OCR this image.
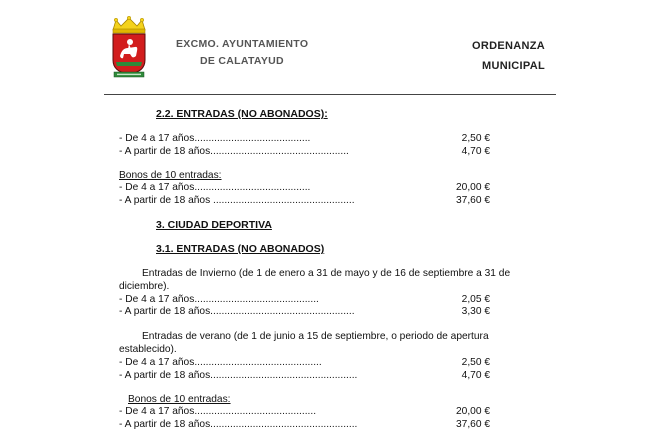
EXCMO. AYUNTAMIENTO
DE CALATAYUD
ORDENANZA
MUNICIPAL
2.2. ENTRADAS (NO ABONADOS):
- De 4 a 17 años.........................................	2,50 €
- A partir de 18 años.................................................	4,70 €
Bonos de 10 entradas:
- De 4 a 17 años.........................................	20,00 €
- A partir de 18 años ..................................................	37,60 €
3. CIUDAD DEPORTIVA
3.1. ENTRADAS (NO ABONADOS)
Entradas de Invierno (de 1 de enero a 31 de mayo y de 16 de septiembre a 31 de
diciembre).
- De 4 a 17 años............................................	2,05 €
- A partir de 18 años...................................................	3,30 €
Entradas de verano (de 1 de junio a 15 de septiembre, o periodo de apertura
establecido).
- De 4 a 17 años.............................................	2,50 €
- A partir de 18 años....................................................	4,70 €
Bonos de 10 entradas:
- De 4 a 17 años...........................................	20,00 €
- A partir de 18 años....................................................	37,60 €
